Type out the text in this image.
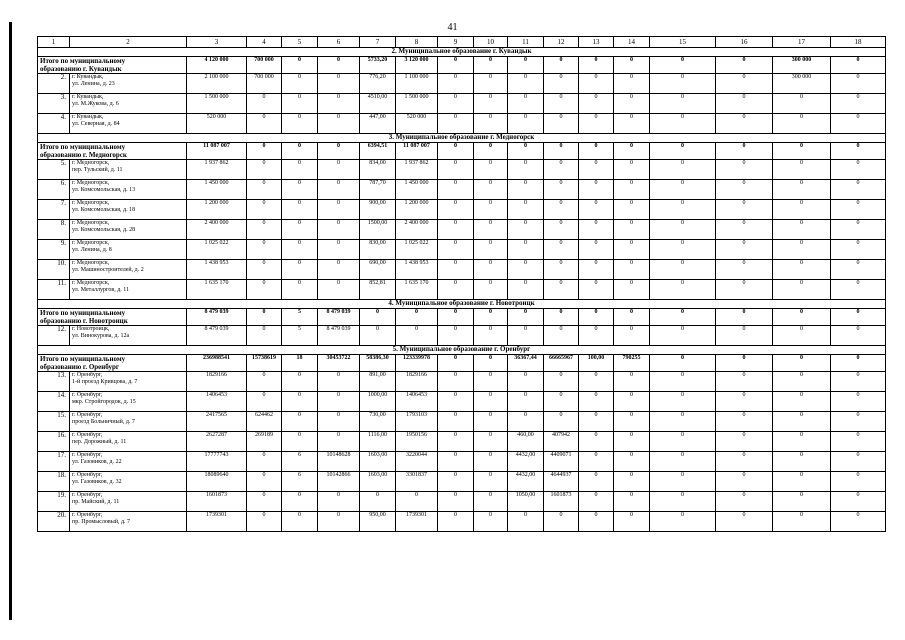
41
1	2	3	4	5	6	7	8	9	10	11	12	13	14	15	16	17	18
2. Муниципальное образование г. Кувандык																	

Итого по муниципальному
образованию г. Кувандык		4 120 000	700 000	0	0	5733,20	3 120 000	0	0	0	0	0	0	0	0	300 000	0
2.	г. Кувандык,
ул. Ленина, д. 23	2 100 000	700 000	0	0	776,20	1 100 000	0	0	0	0	0	0	0	0	300 000	0
3.	г. Кувандык,
ул. М.Жукова, д. 6	1 500 000	0	0	0	4510,00	1 500 000	0	0	0	0	0	0	0	0	0	0
4.	г. Кувандык,
ул. Северная, д. 84	520 000	0	0	0	447,00	520 000	0	0	0	0	0	0	0	0	0	0
3. Муниципальное образование г. Медногорск																	

Итого по муниципальному
образованию г. Медногорск		11 087 007	0	0	0	6394,51	11 087 007	0	0	0	0	0	0	0	0	0	0
5.	г. Медногорск,
пер. Тульский, д. 11	1 937 862	0	0	0	834,00	1 937 862	0	0	0	0	0	0	0	0	0	0
6.	г. Медногорск,
ул. Комсомольская, д. 13	1 450 000	0	0	0	787,70	1 450 000	0	0	0	0	0	0	0	0	0	0
7.	г. Медногорск,
ул. Комсомольская, д. 18	1 200 000	0	0	0	900,00	1 200 000	0	0	0	0	0	0	0	0	0	0
8.	г. Медногорск,
ул. Комсомольская, д. 28	2 400 000	0	0	0	1500,00	2 400 000	0	0	0	0	0	0	0	0	0	0
9.	г. Медногорск,
ул. Ленина, д. 8	1 025 022	0	0	0	830,00	1 025 022	0	0	0	0	0	0	0	0	0	0
10.	г. Медногорск,
ул. Машиностроителей, д. 2	1 438 953	0	0	0	690,00	1 438 953	0	0	0	0	0	0	0	0	0	0
11.	г. Медногорск,
ул. Металлургов, д. 11	1 635 170	0	0	0	852,81	1 635 170	0	0	0	0	0	0	0	0	0	0
4. Муниципальное образование г. Новотроицк																	

Итого по муниципальному
образованию г. Новотроицк		8 479 039	0	5	8 479 039	0	0	0	0	0	0	0	0	0	0	0	0
12.	г. Новотроицк,
ул. Винокурова, д. 12а	8 479 039	0	5	8 479 039	0	0	0	0	0	0	0	0	0	0	0	0
5. Муниципальное образование г. Оренбург																	

Итого по муниципальному
образованию г. Оренбург		236988541	15738619	18	30453722	58386,30	123339978	0	0	36367,44	66665967	100,00	790255	0	0	0	0
13.	г. Оренбург,
1-й проезд Кривцова, д. 7	1829166	0	0	0	891,00	1829166	0	0	0	0	0	0	0	0	0	0
14.	г. Оренбург,
мкр. Стройгородок, д. 15	1406453	0	0	0	1000,00	1406453	0	0	0	0	0	0	0	0	0	0
15.	г. Оренбург,
проезд Больничный, д. 7	2417565	624462	0	0	730,00	1793103	0	0	0	0	0	0	0	0	0	0
16.	г. Оренбург,
пер. Дорожный, д. 11	2627287	269189	0	0	1116,00	1950156	0	0	460,00	407942	0	0	0	0	0	0
17.	г. Оренбург,
ул. Газовиков, д. 22	17777743	0	6	10148628	1603,00	3220044	0	0	4432,00	4409071	0	0	0	0	0	0
18.	г. Оренбург,
ул. Газовиков, д. 32	18089640	0	6	10142866	1603,00	3301837	0	0	4432,00	4644937	0	0	0	0	0	0
19.	г. Оренбург,
пр. Майский, д. 11	1601873	0	0	0	0	0	0	0	1050,00	1601873	0	0	0	0	0	0
20.	г. Оренбург,
пр. Промысловый, д. 7	1739301	0	0	0	950,00	1739301	0	0	0	0	0	0	0	0	0	0
